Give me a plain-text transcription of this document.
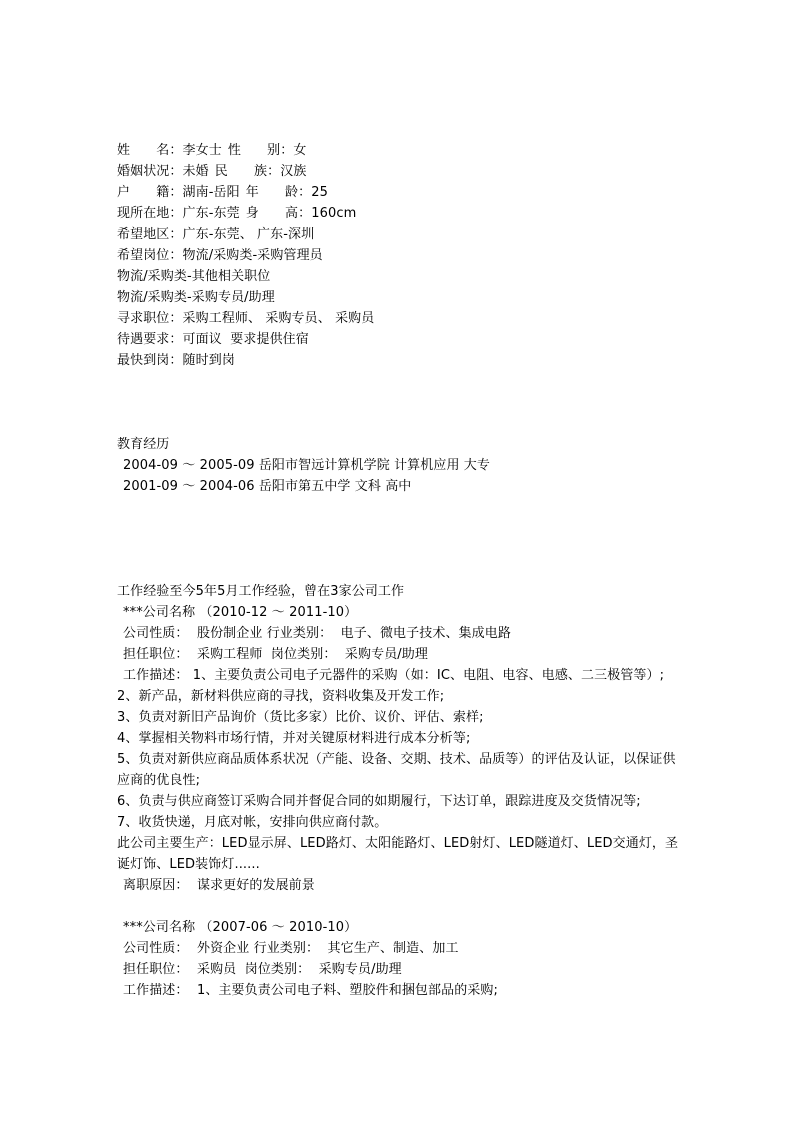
姓　　名：李女士 性　　别：女
婚姻状况：未婚 民　　族：汉族
户　　籍：湖南-岳阳 年　　龄：25
现所在地：广东-东莞 身　　高：160cm
希望地区：广东-东莞、 广东-深圳
希望岗位：物流/采购类-采购管理员
物流/采购类-其他相关职位
物流/采购类-采购专员/助理
寻求职位：采购工程师、 采购专员、 采购员
待遇要求：可面议  要求提供住宿
最快到岗：随时到岗
教育经历
2004-09 ～ 2005-09 岳阳市智远计算机学院 计算机应用 大专
2001-09 ～ 2004-06 岳阳市第五中学 文科 高中
工作经验至今5年5月工作经验，曾在3家公司工作
***公司名称 （2010-12 ～ 2011-10）
公司性质：  股份制企业 行业类别：  电子、微电子技术、集成电路
担任职位：  采购工程师  岗位类别：  采购专员/助理
工作描述： 1、主要负责公司电子元器件的采购（如：IC、电阻、电容、电感、二三极管等）;
2、新产品，新材料供应商的寻找，资料收集及开发工作;
3、负责对新旧产品询价（货比多家）比价、议价、评估、索样;
4、掌握相关物料市场行情，并对关键原材料进行成本分析等;
5、负责对新供应商品质体系状况（产能、设备、交期、技术、品质等）的评估及认证，以保证供应商的优良性;
6、负责与供应商签订采购合同并督促合同的如期履行，下达订单，跟踪进度及交货情况等;
7、收货快递，月底对帐，安排向供应商付款。
此公司主要生产：LED显示屏、LED路灯、太阳能路灯、LED射灯、LED隧道灯、LED交通灯，圣诞灯饰、LED装饰灯......
离职原因：  谋求更好的发展前景
***公司名称 （2007-06 ～ 2010-10）
公司性质：  外资企业 行业类别：  其它生产、制造、加工
担任职位：  采购员  岗位类别：  采购专员/助理
工作描述：  1、主要负责公司电子料、塑胶件和捆包部品的采购;
